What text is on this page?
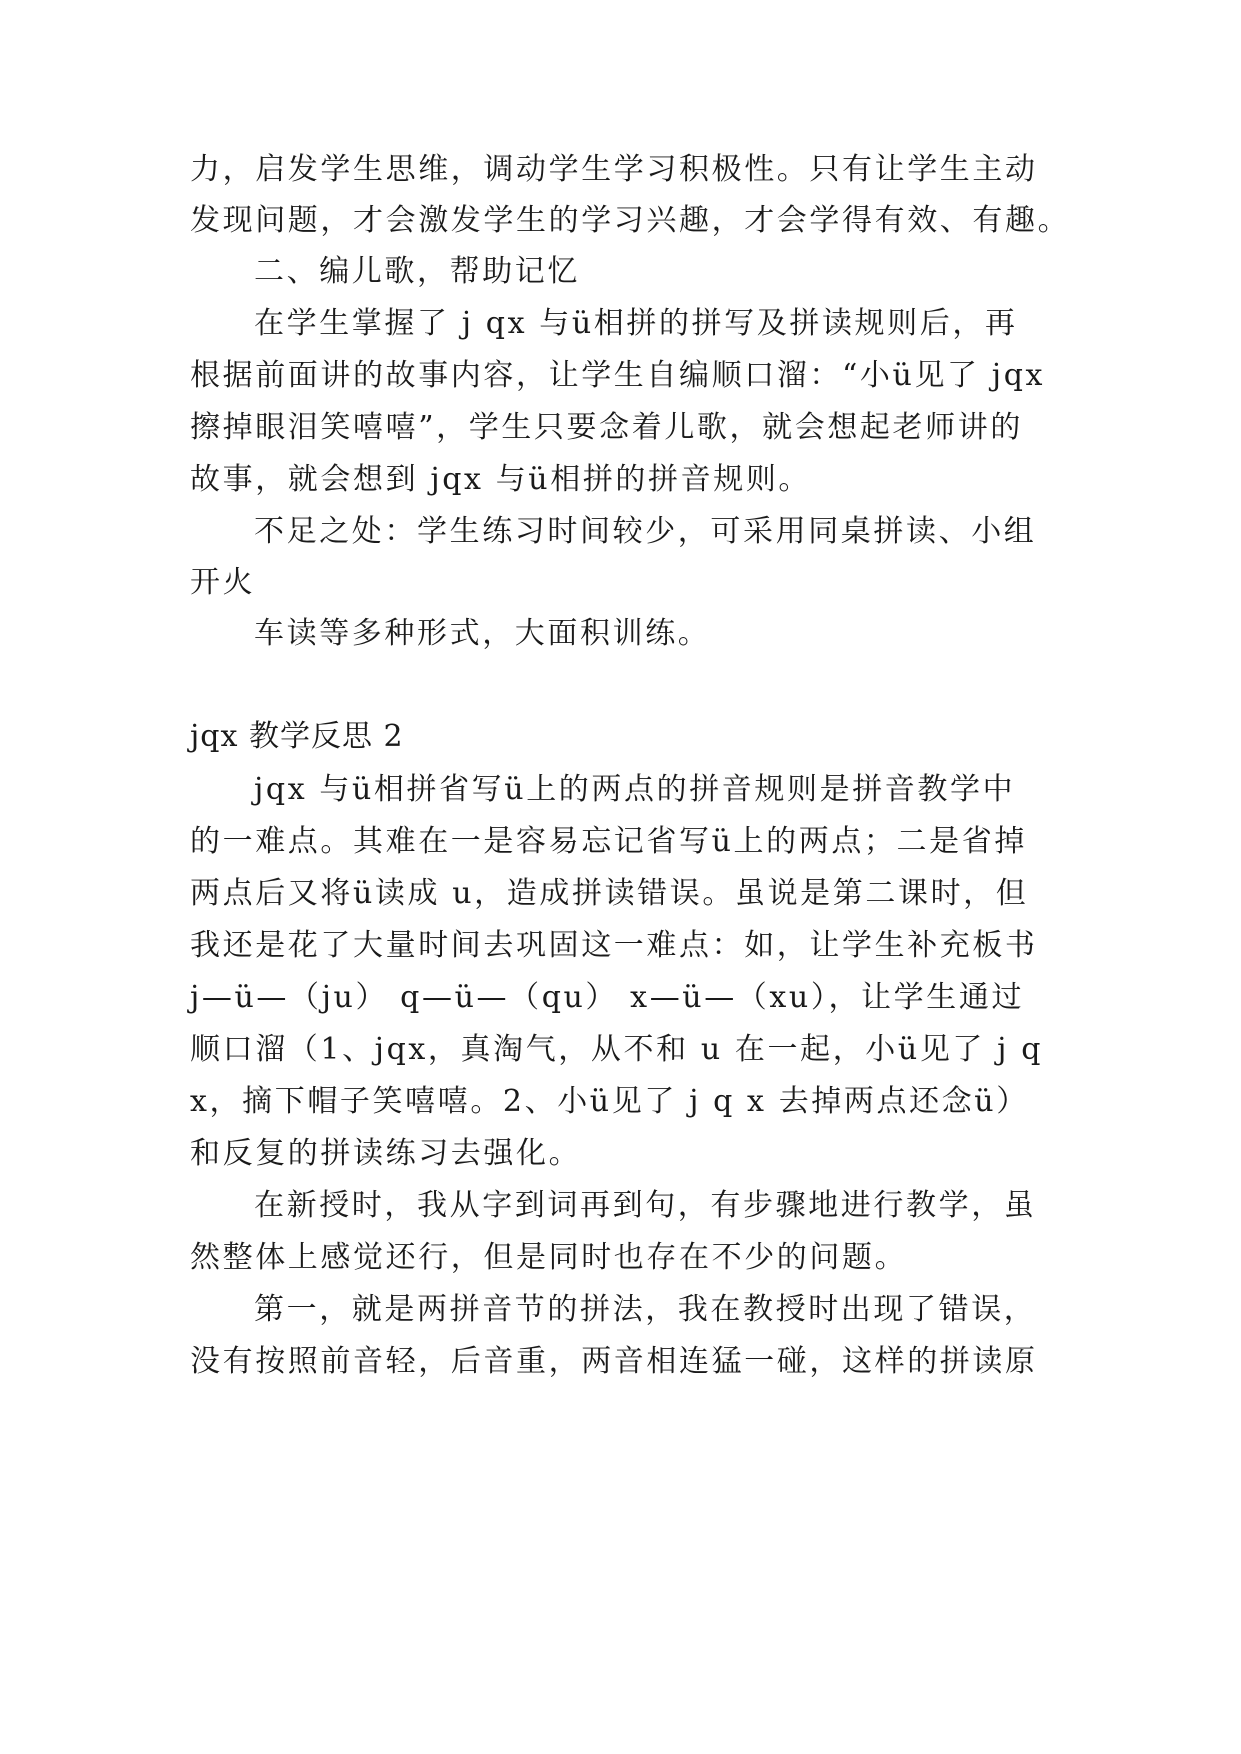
力，启发学生思维，调动学生学习积极性。只有让学生主动
发现问题，才会激发学生的学习兴趣，才会学得有效、有趣。
二、编儿歌，帮助记忆
在学生掌握了 j qx 与ü相拼的拼写及拼读规则后，再
根据前面讲的故事内容，让学生自编顺口溜：“小ü见了 jqx
擦掉眼泪笑嘻嘻”，学生只要念着儿歌，就会想起老师讲的
故事，就会想到 jqx 与ü相拼的拼音规则。
不足之处：学生练习时间较少，可采用同桌拼读、小组
开火
车读等多种形式，大面积训练。
jqx 教学反思 2
jqx 与ü相拼省写ü上的两点的拼音规则是拼音教学中
的一难点。其难在一是容易忘记省写ü上的两点；二是省掉
两点后又将ü读成 u，造成拼读错误。虽说是第二课时，但
我还是花了大量时间去巩固这一难点：如，让学生补充板书
j—ü—（ju） q—ü—（qu） x—ü—（xu），让学生通过
顺口溜（1、jqx，真淘气，从不和 u 在一起，小ü见了 j q
x，摘下帽子笑嘻嘻。2、小ü见了 j q x 去掉两点还念ü）
和反复的拼读练习去强化。
在新授时，我从字到词再到句，有步骤地进行教学，虽
然整体上感觉还行，但是同时也存在不少的问题。
第一，就是两拼音节的拼法，我在教授时出现了错误，
没有按照前音轻，后音重，两音相连猛一碰，这样的拼读原
